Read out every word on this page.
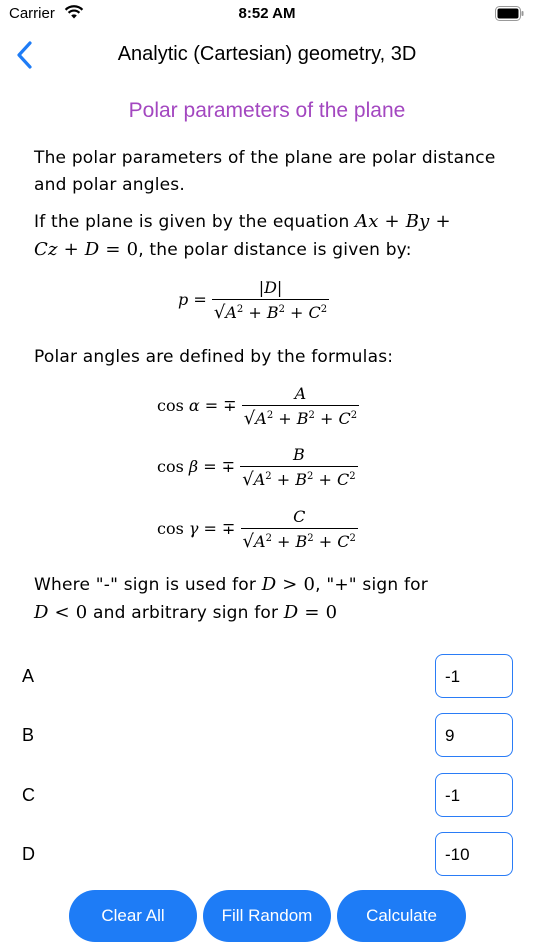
Carrier	8:52 AM
Analytic (Cartesian) geometry, 3D
Polar parameters of the plane
The polar parameters of the plane are polar distance and polar angles.
If the plane is given by the equation Ax + By +
Cz + D = 0, the polar distance is given by:
$p = \frac{|D|}{√A^2 + B^2 + C^2}$
Polar angles are defined by the formulas:
cos α = ∓ $\frac{A}{√A^2 + B^2 + C^2}$
cos β = ∓ $\frac{B}{√A^2 + B^2 + C^2}$
cos γ = ∓ $\frac{C}{√A^2 + B^2 + C^2}$
Where "-" sign is used for D > 0, "+" sign for
D < 0 and arbitrary sign for D = 0
A	-1
B	9
C	-1
D	-10
Clear All	Fill Random	Calculate
